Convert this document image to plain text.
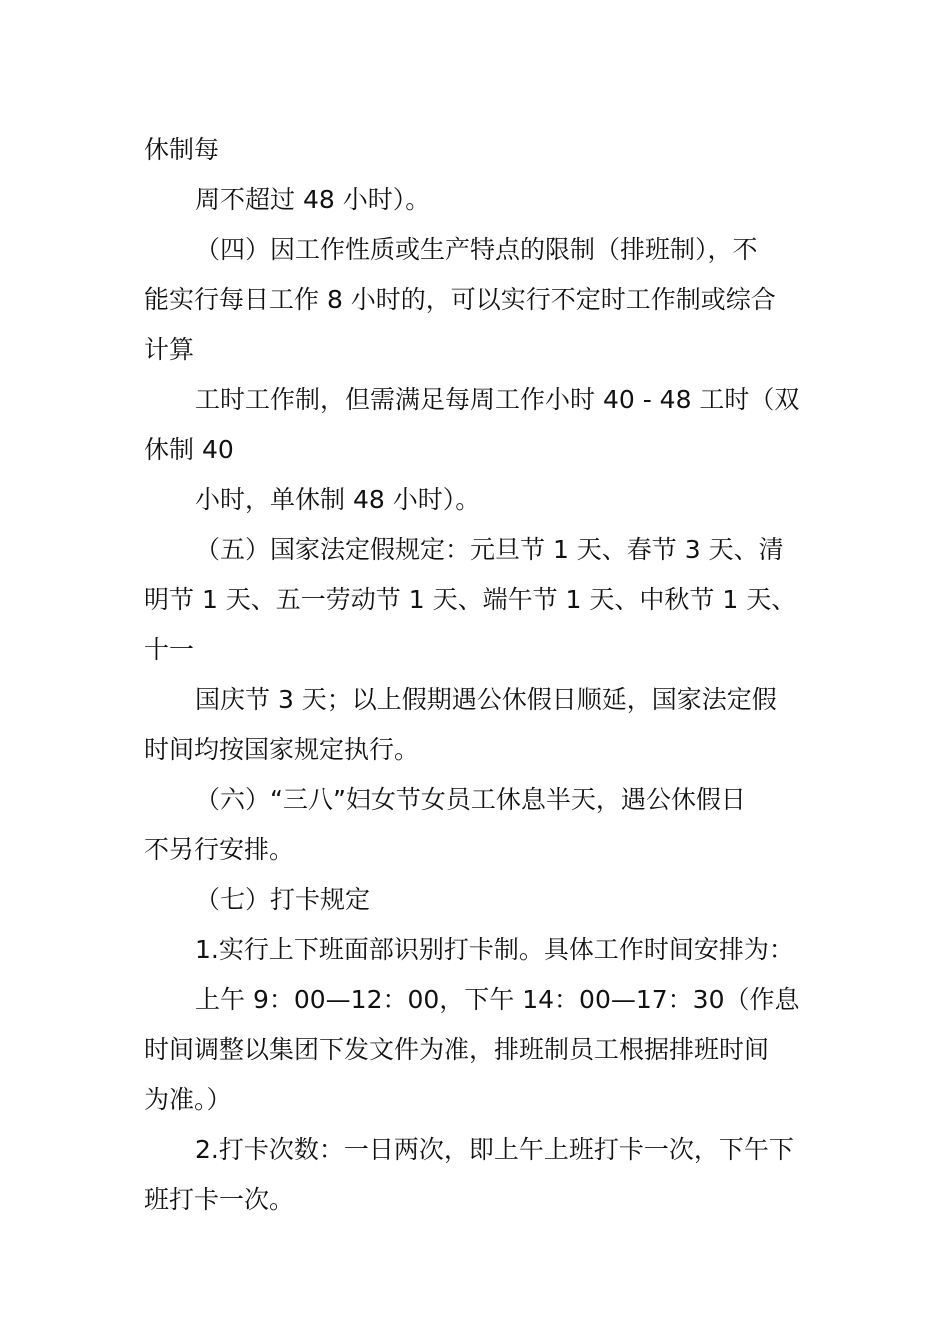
休制每
周不超过 48 小时）。
（四）因工作性质或生产特点的限制（排班制），不
能实行每日工作 8 小时的，可以实行不定时工作制或综合
计算
工时工作制，但需满足每周工作小时 40 - 48 工时（双
休制 40
小时，单休制 48 小时）。
（五）国家法定假规定：元旦节 1 天、春节 3 天、清
明节 1 天、五一劳动节 1 天、端午节 1 天、中秋节 1 天、
十一
国庆节 3 天；以上假期遇公休假日顺延，国家法定假
时间均按国家规定执行。
（六）“三八”妇女节女员工休息半天，遇公休假日
不另行安排。
（七）打卡规定
1.实行上下班面部识别打卡制。具体工作时间安排为：
上午 9：00—12：00，下午 14：00—17：30（作息
时间调整以集团下发文件为准，排班制员工根据排班时间
为准。）
2.打卡次数：一日两次，即上午上班打卡一次，下午下
班打卡一次。
